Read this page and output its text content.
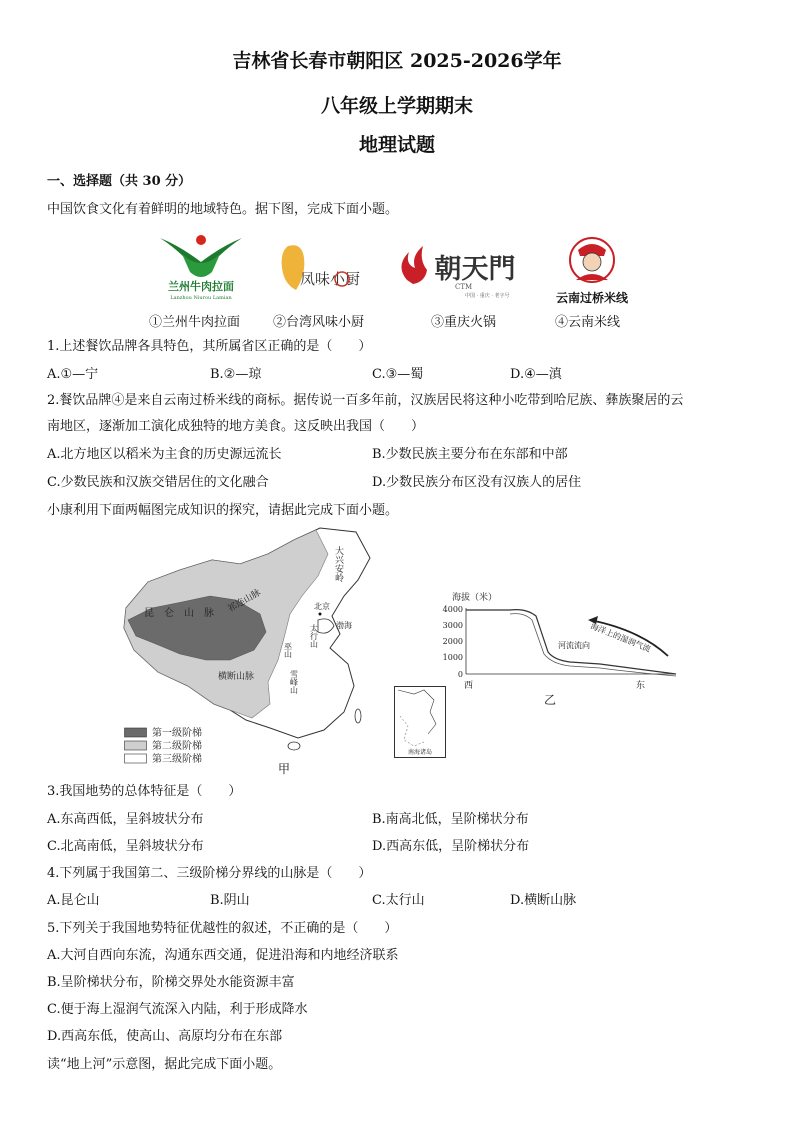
吉林省长春市朝阳区 2025-2026学年
八年级上学期期末
地理试题
一、选择题（共 30 分）
中国饮食文化有着鲜明的地域特色。据下图，完成下面小题。
兰州牛肉拉面
Lanzhou Niurou Lamian
凤味小厨	朝天門
CTM
中国 · 重庆 · 老字号	云南过桥米线
①兰州牛肉拉面	②台湾风味小厨	③重庆火锅	④云南米线
1.上述餐饮品牌各具特色，其所属省区正确的是（　　）
A.①—宁	B.②—琼	C.③—蜀	D.④—滇
2.餐饮品牌④是来自云南过桥米线的商标。据传说一百多年前，汉族居民将这种小吃带到哈尼族、彝族聚居的云
南地区，逐渐加工演化成独特的地方美食。这反映出我国（　　）
A.北方地区以稻米为主食的历史源远流长	B.少数民族主要分布在东部和中部
C.少数民族和汉族交错居住的文化融合	D.少数民族分布区没有汉族人的居住
小康利用下面两幅图完成知识的探究，请据此完成下面小题。
昆　仑　山　脉 祁连山脉
大兴安岭
北京
太行山 渤海
巫山
横断山脉	雪峰山
南海诸岛
第一级阶梯
第二级阶梯
第三级阶梯
甲
海拔（米）
4000
3000
2000
1000
0
河流流向 海洋上的湿润气流
西	东
乙
3.我国地势的总体特征是（　　）
A.东高西低，呈斜坡状分布	B.南高北低，呈阶梯状分布
C.北高南低，呈斜坡状分布	D.西高东低，呈阶梯状分布
4.下列属于我国第二、三级阶梯分界线的山脉是（　　）
A.昆仑山	B.阴山	C.太行山	D.横断山脉
5.下列关于我国地势特征优越性的叙述，不正确的是（　　）
A.大河自西向东流，沟通东西交通，促进沿海和内地经济联系
B.呈阶梯状分布，阶梯交界处水能资源丰富
C.便于海上湿润气流深入内陆，利于形成降水
D.西高东低，使高山、高原均分布在东部
读“地上河”示意图，据此完成下面小题。
